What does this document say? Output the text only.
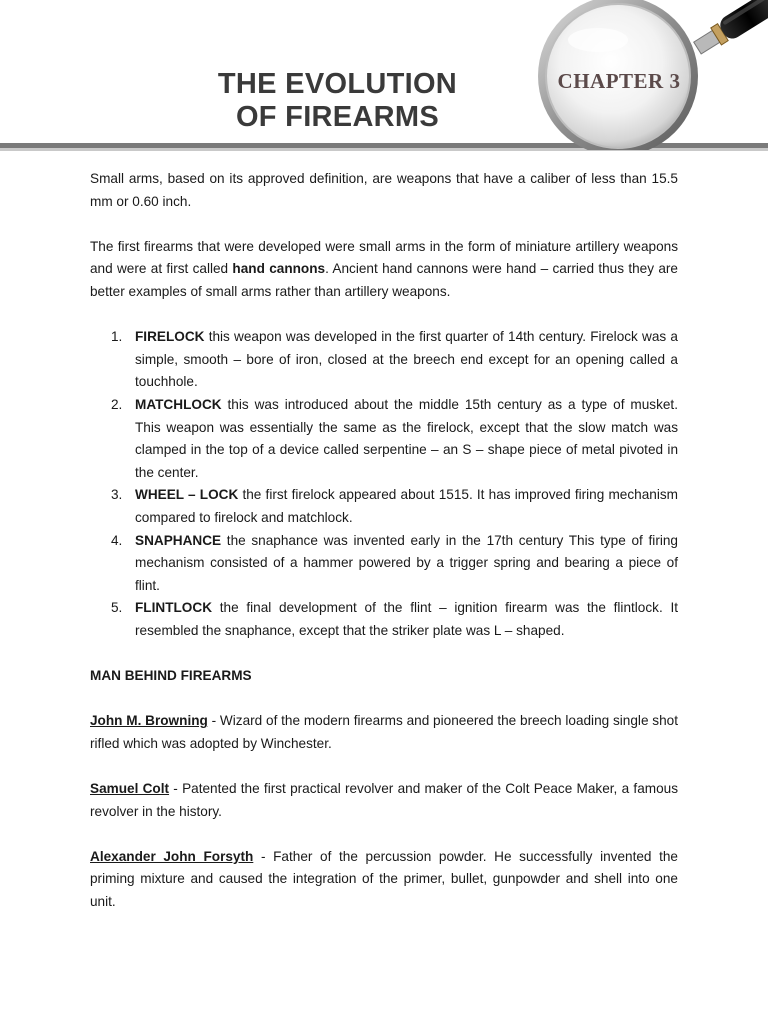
THE EVOLUTION
OF FIREARMS
CHAPTER 3

Small arms, based on its approved definition, are weapons that have a caliber of less than 15.5 mm or 0.60 inch.

The first firearms that were developed were small arms in the form of miniature artillery weapons and were at first called hand cannons. Ancient hand cannons were hand – carried thus they are better examples of small arms rather than artillery weapons.

1. FIRELOCK this weapon was developed in the first quarter of 14th century. Firelock was a simple, smooth – bore of iron, closed at the breech end except for an opening called a touchhole.
2. MATCHLOCK this was introduced about the middle 15th century as a type of musket. This weapon was essentially the same as the firelock, except that the slow match was clamped in the top of a device called serpentine – an S – shape piece of metal pivoted in the center.
3. WHEEL – LOCK the first firelock appeared about 1515. It has improved firing mechanism compared to firelock and matchlock.
4. SNAPHANCE the snaphance was invented early in the 17th century This type of firing mechanism consisted of a hammer powered by a trigger spring and bearing a piece of flint.
5. FLINTLOCK the final development of the flint – ignition firearm was the flintlock. It resembled the snaphance, except that the striker plate was L – shaped.

MAN BEHIND FIREARMS

John M. Browning - Wizard of the modern firearms and pioneered the breech loading single shot rifled which was adopted by Winchester.

Samuel Colt - Patented the first practical revolver and maker of the Colt Peace Maker, a famous revolver in the history.

Alexander John Forsyth - Father of the percussion powder. He successfully invented the priming mixture and caused the integration of the primer, bullet, gunpowder and shell into one unit.
